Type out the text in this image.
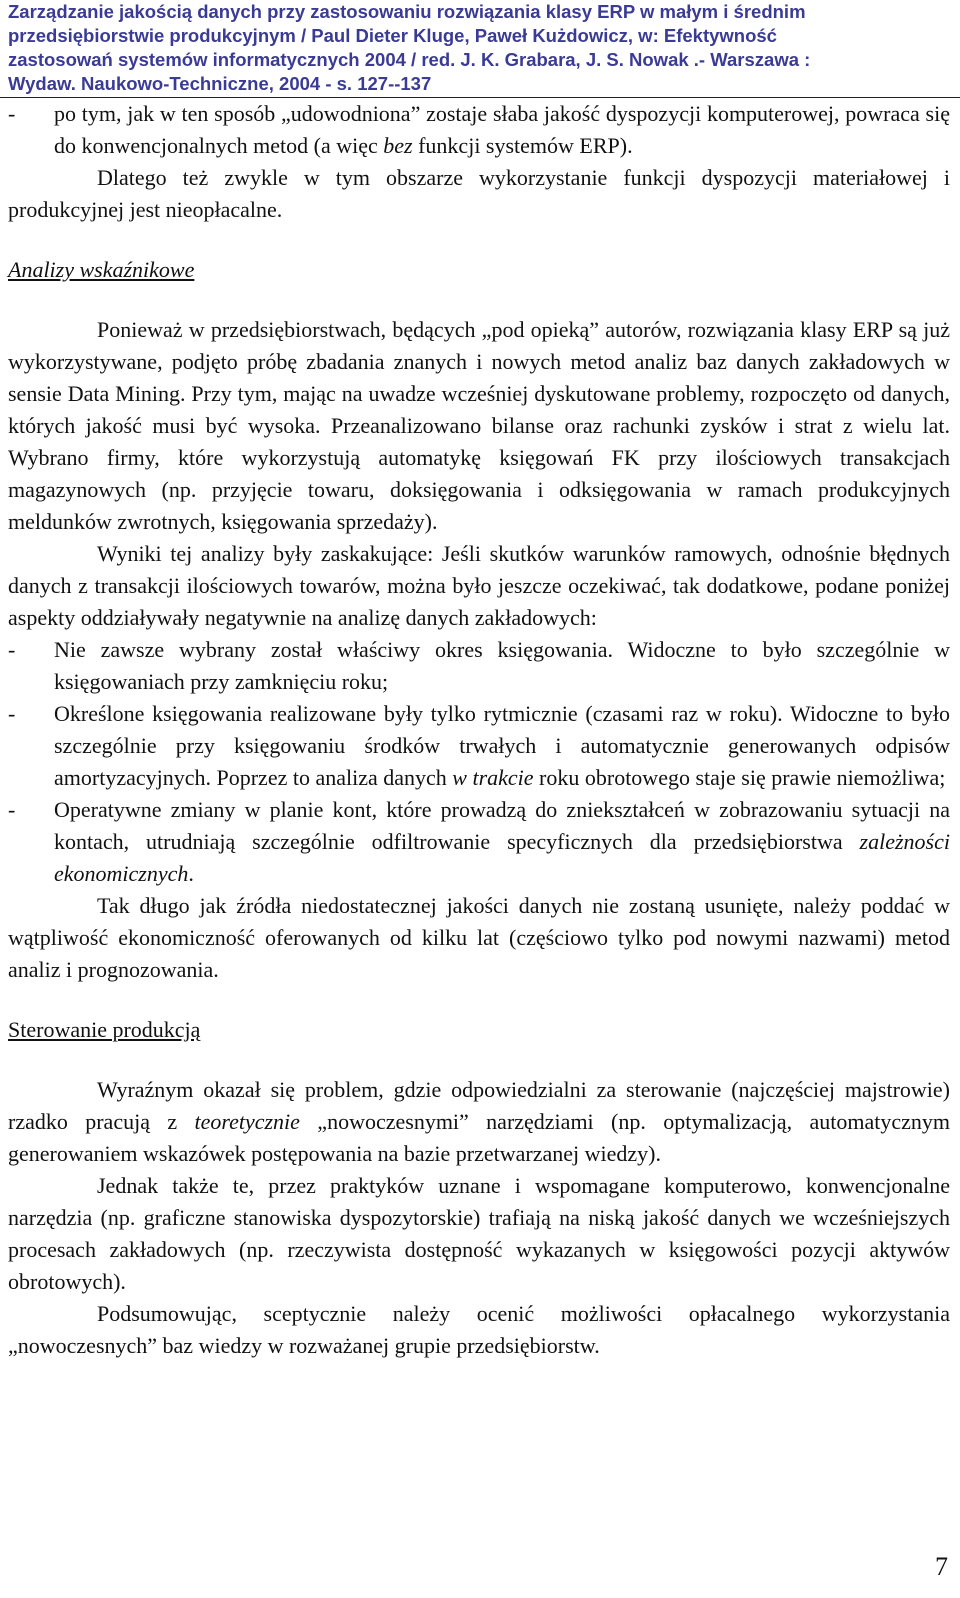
Zarządzanie jakością danych przy zastosowaniu rozwiązania klasy ERP w małym i średnim
przedsiębiorstwie produkcyjnym / Paul Dieter Kluge, Paweł Kużdowicz, w: Efektywność
zastosowań systemów informatycznych 2004 / red. J. K. Grabara, J. S. Nowak .- Warszawa :
Wydaw. Naukowo-Techniczne, 2004 - s. 127--137

- po tym, jak w ten sposób „udowodniona” zostaje słaba jakość dyspozycji komputerowej, powraca się do konwencjonalnych metod (a więc bez funkcji systemów ERP).

Dlatego też zwykle w tym obszarze wykorzystanie funkcji dyspozycji materiałowej i produkcyjnej jest nieopłacalne.

Analizy wskaźnikowe

Ponieważ w przedsiębiorstwach, będących „pod opieką” autorów, rozwiązania klasy ERP są już wykorzystywane, podjęto próbę zbadania znanych i nowych metod analiz baz danych zakładowych w sensie Data Mining. Przy tym, mając na uwadze wcześniej dyskutowane problemy, rozpoczęto od danych, których jakość musi być wysoka. Przeanalizowano bilanse oraz rachunki zysków i strat z wielu lat. Wybrano firmy, które wykorzystują automatykę księgowań FK przy ilościowych transakcjach magazynowych (np. przyjęcie towaru, doksięgowania i odksięgowania w ramach produkcyjnych meldunków zwrotnych, księgowania sprzedaży).

Wyniki tej analizy były zaskakujące: Jeśli skutków warunków ramowych, odnośnie błędnych danych z transakcji ilościowych towarów, można było jeszcze oczekiwać, tak dodatkowe, podane poniżej aspekty oddziaływały negatywnie na analizę danych zakładowych:

- Nie zawsze wybrany został właściwy okres księgowania. Widoczne to było szczególnie w księgowaniach przy zamknięciu roku;

- Określone księgowania realizowane były tylko rytmicznie (czasami raz w roku). Widoczne to było szczególnie przy księgowaniu środków trwałych i automatycznie generowanych odpisów amortyzacyjnych. Poprzez to analiza danych w trakcie roku obrotowego staje się prawie niemożliwa;

- Operatywne zmiany w planie kont, które prowadzą do zniekształceń w zobrazowaniu sytuacji na kontach, utrudniają szczególnie odfiltrowanie specyficznych dla przedsiębiorstwa zależności ekonomicznych.

Tak długo jak źródła niedostatecznej jakości danych nie zostaną usunięte, należy poddać w wątpliwość ekonomiczność oferowanych od kilku lat (częściowo tylko pod nowymi nazwami) metod analiz i prognozowania.

Sterowanie produkcją

Wyraźnym okazał się problem, gdzie odpowiedzialni za sterowanie (najczęściej majstrowie) rzadko pracują z teoretycznie „nowoczesnymi” narzędziami (np. optymalizacją, automatycznym generowaniem wskazówek postępowania na bazie przetwarzanej wiedzy).

Jednak także te, przez praktyków uznane i wspomagane komputerowo, konwencjonalne narzędzia (np. graficzne stanowiska dyspozytorskie) trafiają na niską jakość danych we wcześniejszych procesach zakładowych (np. rzeczywista dostępność wykazanych w księgowości pozycji aktywów obrotowych).

Podsumowując, sceptycznie należy ocenić możliwości opłacalnego wykorzystania „nowoczesnych” baz wiedzy w rozważanej grupie przedsiębiorstw.

7
